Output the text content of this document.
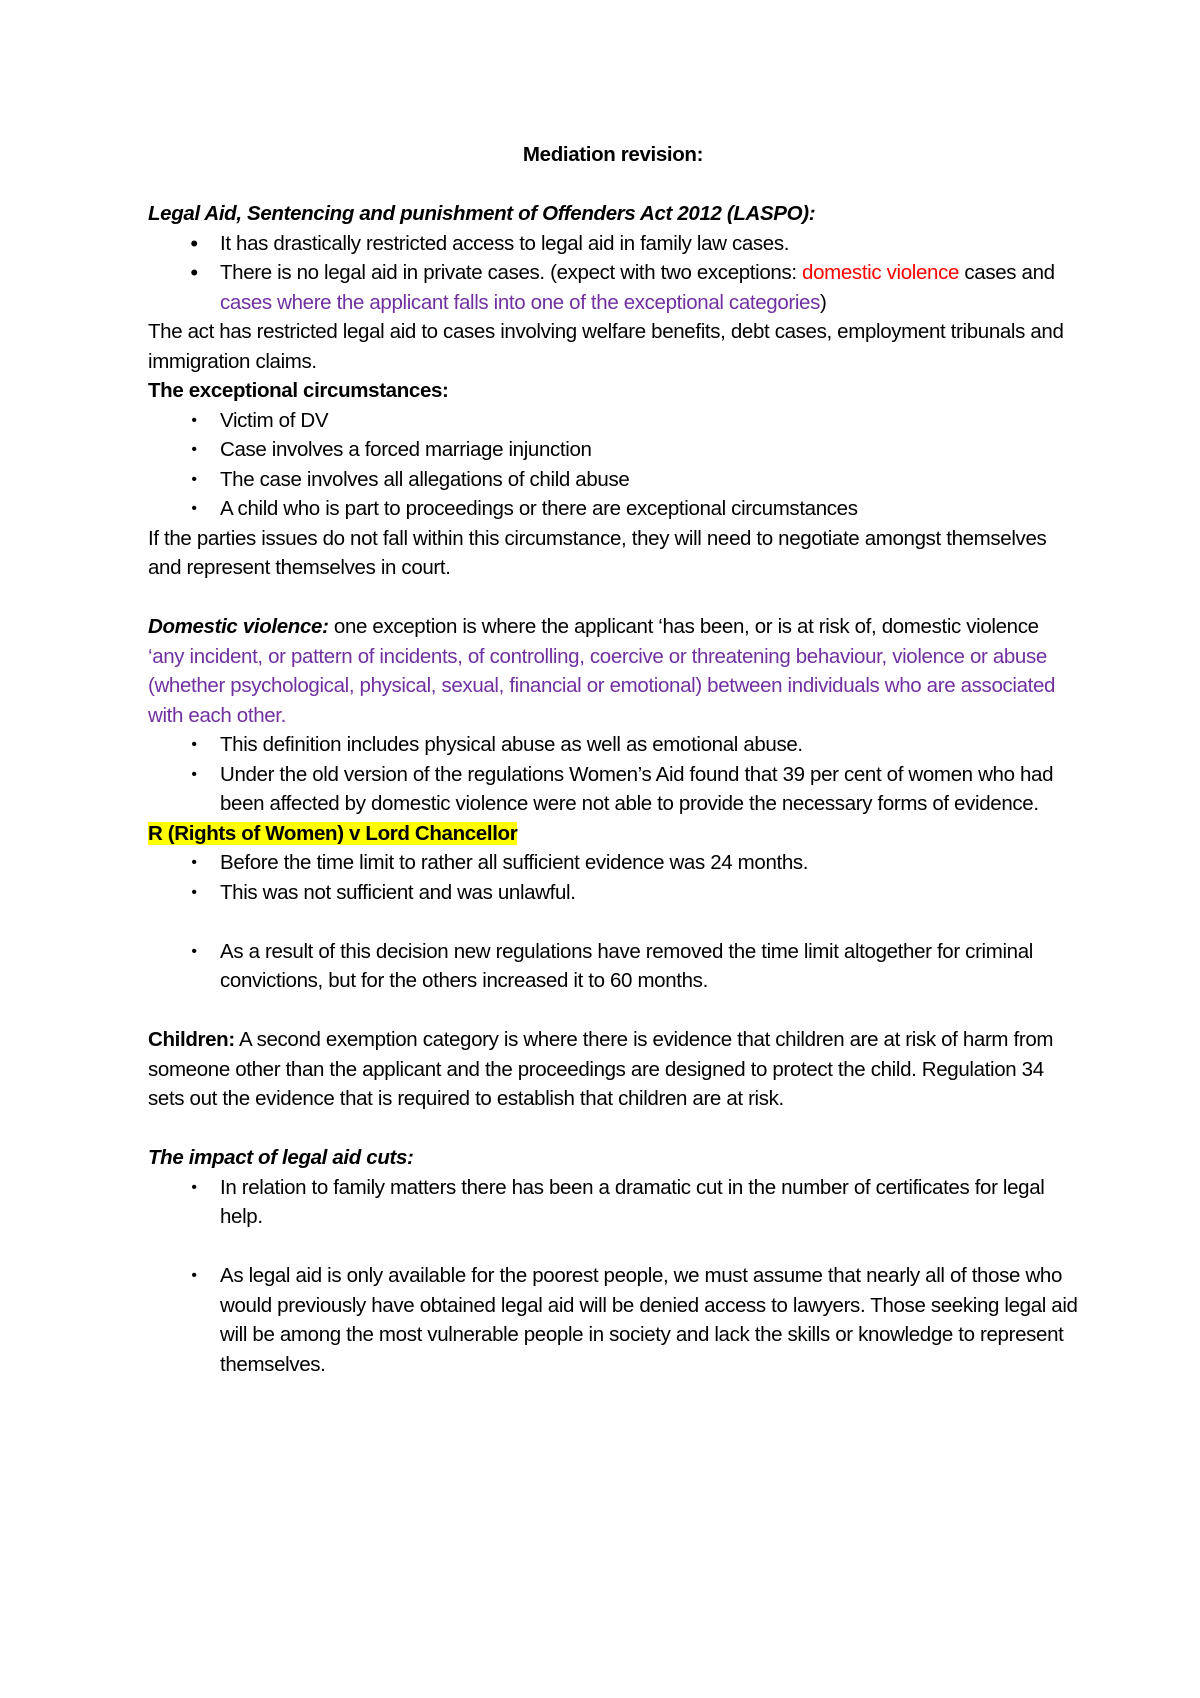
Mediation revision:

Legal Aid, Sentencing and punishment of Offenders Act 2012 (LASPO):

•	It has drastically restricted access to legal aid in family law cases.
•	There is no legal aid in private cases. (expect with two exceptions: domestic violence cases and cases where the applicant falls into one of the exceptional categories)

The act has restricted legal aid to cases involving welfare benefits, debt cases, employment tribunals and immigration claims.

The exceptional circumstances:

•	Victim of DV
•	Case involves a forced marriage injunction
•	The case involves all allegations of child abuse
•	A child who is part to proceedings or there are exceptional circumstances

If the parties issues do not fall within this circumstance, they will need to negotiate amongst themselves and represent themselves in court.

Domestic violence: one exception is where the applicant ‘has been, or is at risk of, domestic violence ‘any incident, or pattern of incidents, of controlling, coercive or threatening behaviour, violence or abuse (whether psychological, physical, sexual, financial or emotional) between individuals who are associated with each other.

•	This definition includes physical abuse as well as emotional abuse.
•	Under the old version of the regulations Women’s Aid found that 39 per cent of women who had been affected by domestic violence were not able to provide the necessary forms of evidence.

R (Rights of Women) v Lord Chancellor

•	Before the time limit to rather all sufficient evidence was 24 months.
•	This was not sufficient and was unlawful.
•	As a result of this decision new regulations have removed the time limit altogether for criminal convictions, but for the others increased it to 60 months.

Children: A second exemption category is where there is evidence that children are at risk of harm from someone other than the applicant and the proceedings are designed to protect the child. Regulation 34 sets out the evidence that is required to establish that children are at risk.

The impact of legal aid cuts:

•	In relation to family matters there has been a dramatic cut in the number of certificates for legal help.
•	As legal aid is only available for the poorest people, we must assume that nearly all of those who would previously have obtained legal aid will be denied access to lawyers. Those seeking legal aid will be among the most vulnerable people in society and lack the skills or knowledge to represent themselves.
